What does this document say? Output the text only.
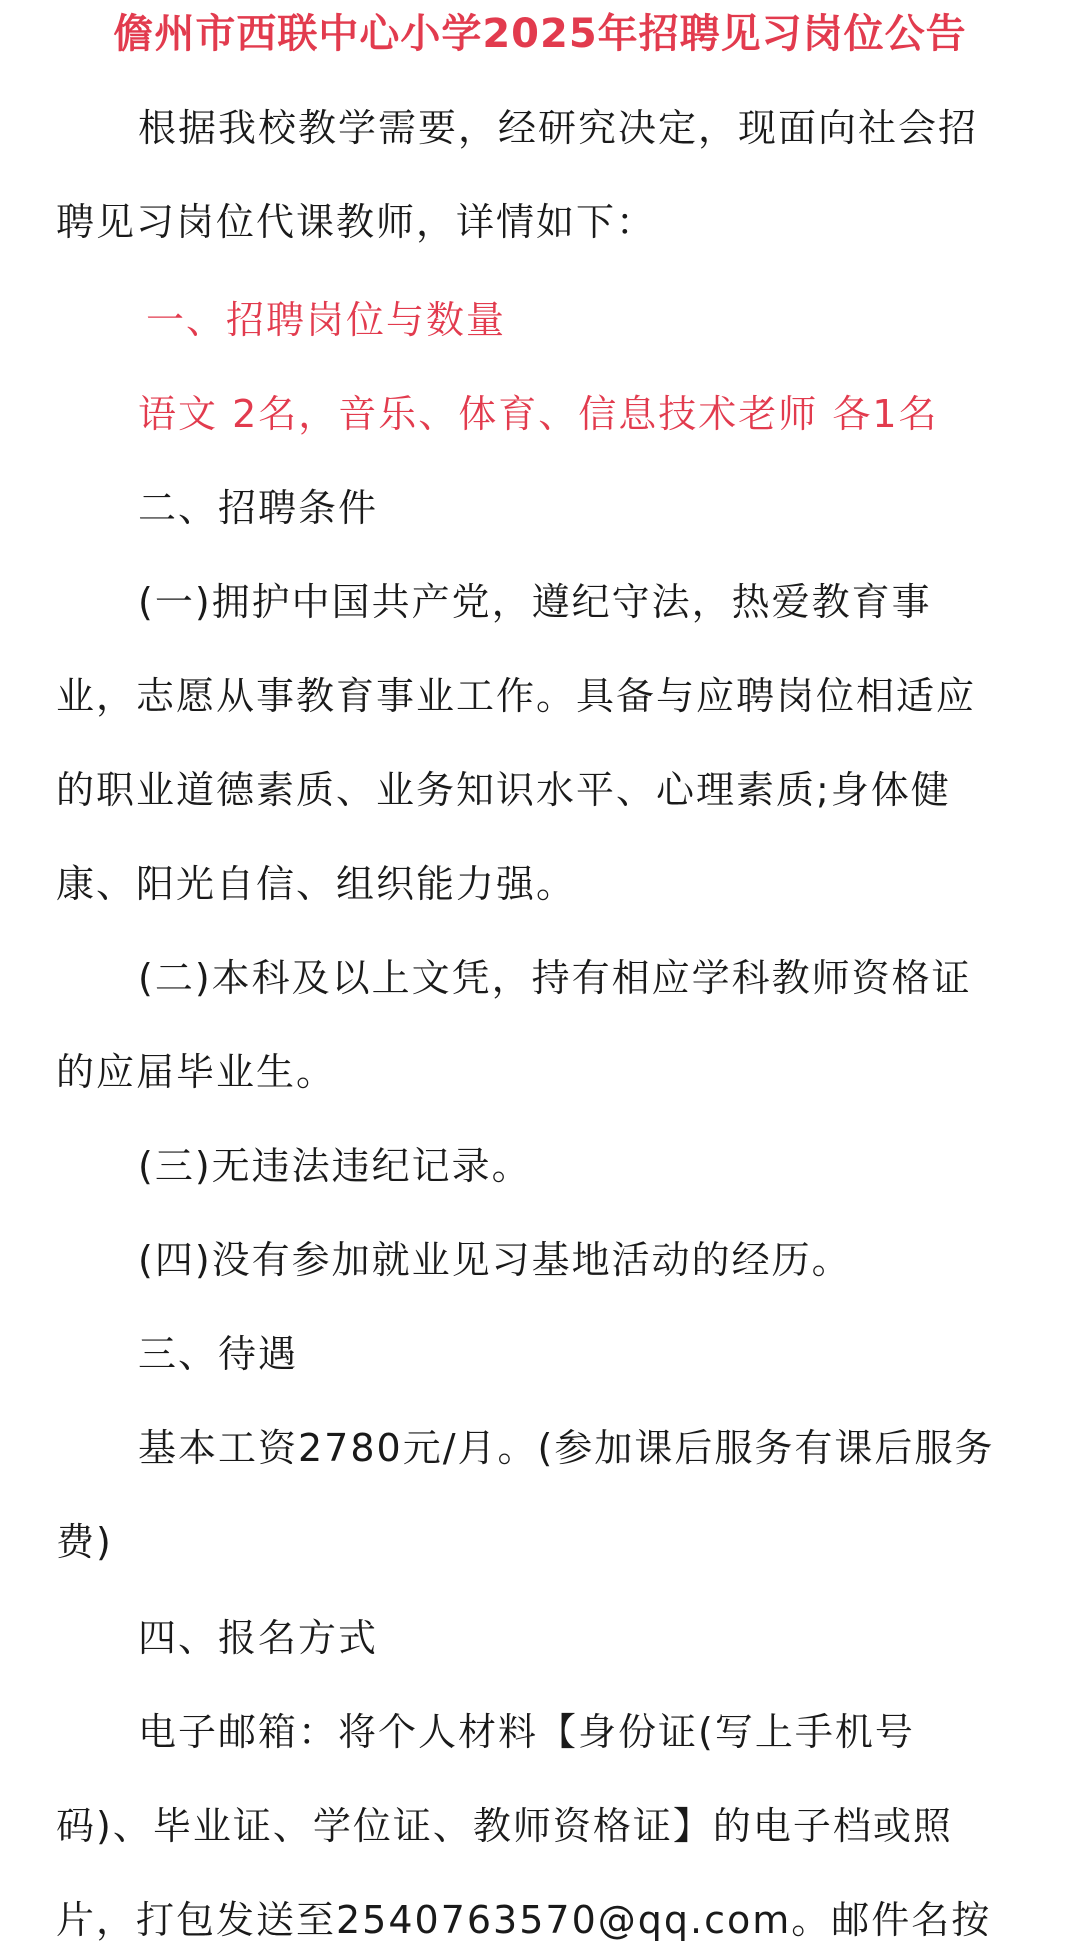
儋州市西联中心小学2025年招聘见习岗位公告
根据我校教学需要，经研究决定，现面向社会招
聘见习岗位代课教师，详情如下：
一、招聘岗位与数量
语文 2名，音乐、体育、信息技术老师 各1名
二、招聘条件
(一)拥护中国共产党，遵纪守法，热爱教育事
业，志愿从事教育事业工作。具备与应聘岗位相适应
的职业道德素质、业务知识水平、心理素质;身体健
康、阳光自信、组织能力强。
(二)本科及以上文凭，持有相应学科教师资格证
的应届毕业生。
(三)无违法违纪记录。
(四)没有参加就业见习基地活动的经历。
三、待遇
基本工资2780元/月。(参加课后服务有课后服务
费)
四、报名方式
电子邮箱：将个人材料【身份证(写上手机号
码)、毕业证、学位证、教师资格证】的电子档或照
片，打包发送至2540763570@qq.com。邮件名按
